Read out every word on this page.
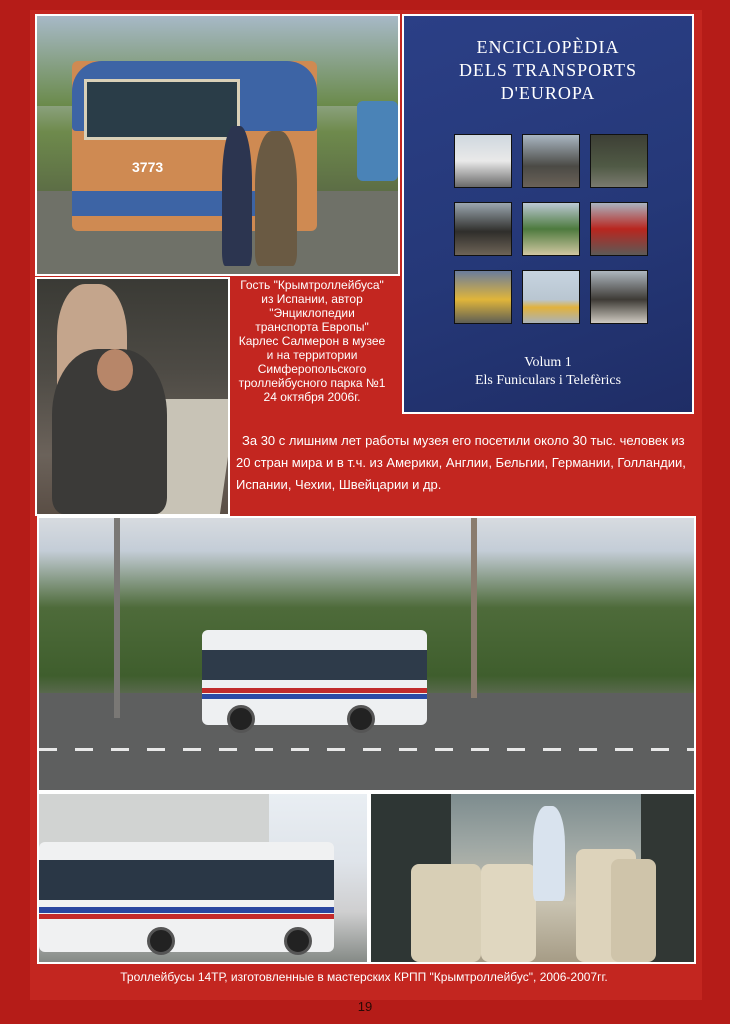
3773
ENCICLOPÈDIA
DELS TRANSPORTS
D'EUROPA
Volum 1
Els Funiculars i Telefèrics
Гость "Крымтроллейбуса" из Испании, автор "Энциклопедии транспорта Европы" Карлес Салмерон в музее и на территории Симферопольского троллейбусного парка №1 24 октября 2006г.
За 30 с лишним лет работы музея его посетили около 30 тыс. человек из 20 стран мира и в т.ч. из Америки, Англии, Бельгии, Германии, Голландии, Испании, Чехии, Швейцарии и др.
Троллейбусы 14ТР, изготовленные в мастерских КРПП "Крымтроллейбус", 2006-2007гг.
19
